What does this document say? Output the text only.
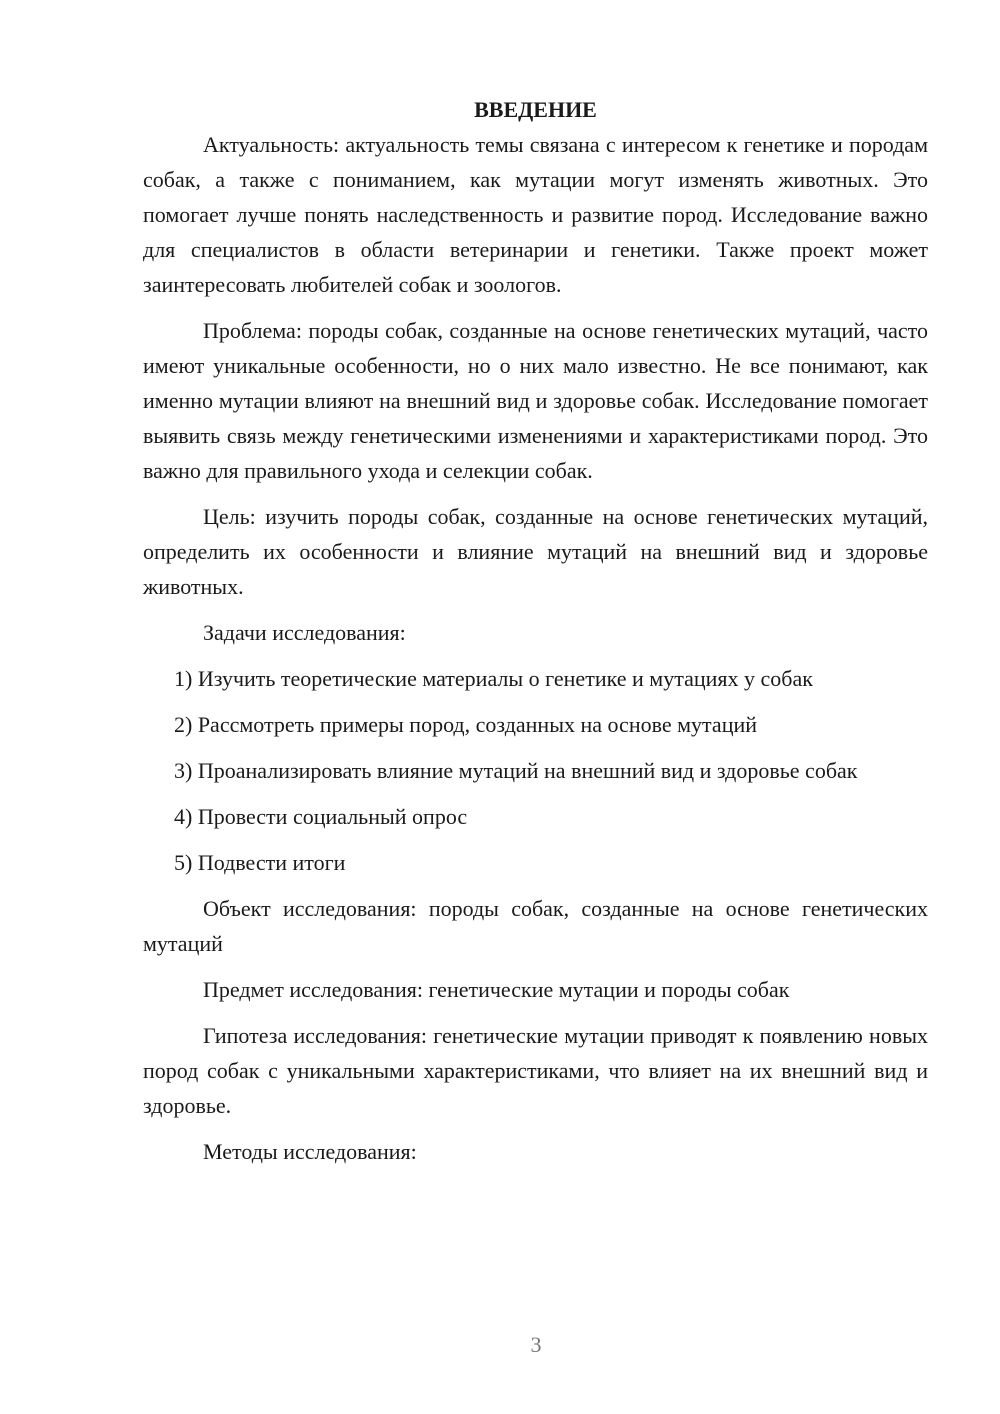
ВВЕДЕНИЕ

Актуальность: актуальность темы связана с интересом к генетике и породам собак, а также с пониманием, как мутации могут изменять животных. Это помогает лучше понять наследственность и развитие пород. Исследование важно для специалистов в области ветеринарии и генетики. Также проект может заинтересовать любителей собак и зоологов.

Проблема: породы собак, созданные на основе генетических мутаций, часто имеют уникальные особенности, но о них мало известно. Не все понимают, как именно мутации влияют на внешний вид и здоровье собак. Исследование помогает выявить связь между генетическими изменениями и характеристиками пород. Это важно для правильного ухода и селекции собак.

Цель: изучить породы собак, созданные на основе генетических мутаций, определить их особенности и влияние мутаций на внешний вид и здоровье животных.

Задачи исследования:

1) Изучить теоретические материалы о генетике и мутациях у собак

2) Рассмотреть примеры пород, созданных на основе мутаций

3) Проанализировать влияние мутаций на внешний вид и здоровье собак

4) Провести социальный опрос

5) Подвести итоги

Объект исследования: породы собак, созданные на основе генетических мутаций

Предмет исследования: генетические мутации и породы собак

Гипотеза исследования: генетические мутации приводят к появлению новых пород собак с уникальными характеристиками, что влияет на их внешний вид и здоровье.

Методы исследования:

3
